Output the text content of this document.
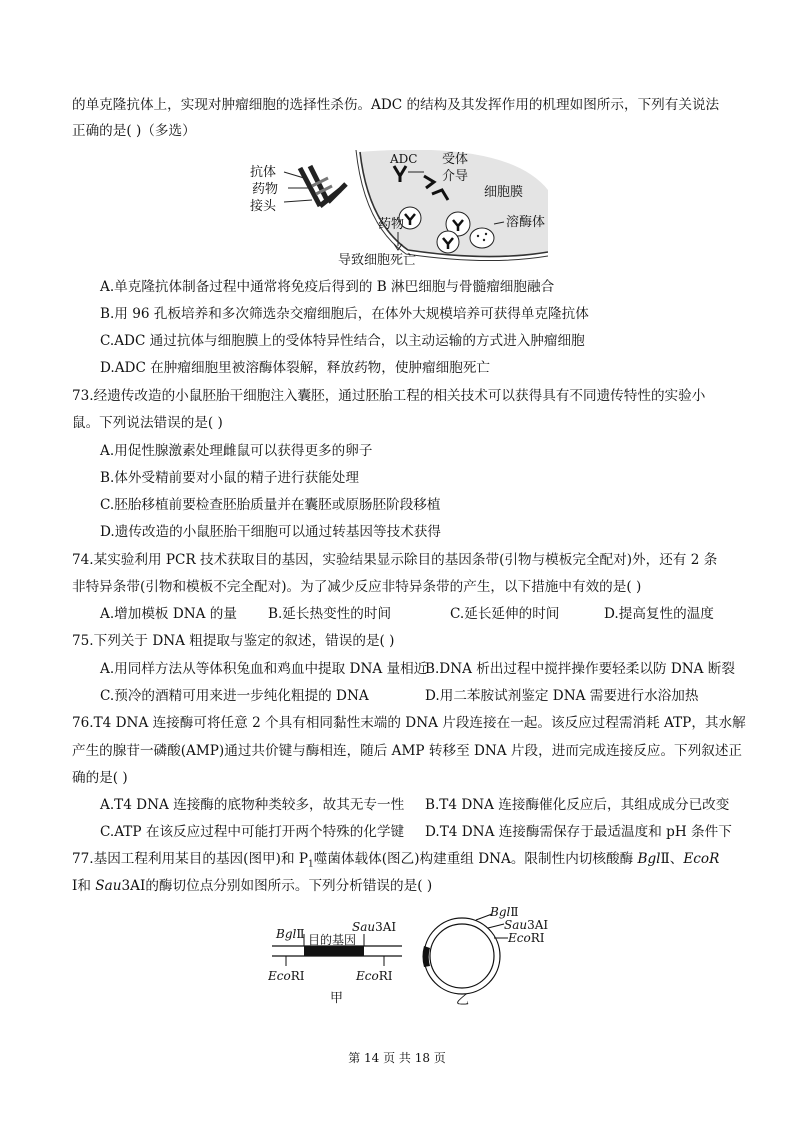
的单克隆抗体上，实现对肿瘤细胞的选择性杀伤。ADC 的结构及其发挥作用的机理如图所示，下列有关说法
正确的是( )（多选）
抗体
药物
接头
ADC 受体
介导
细胞膜
溶酶体
药物
导致细胞死亡
A.单克隆抗体制备过程中通常将免疫后得到的 B 淋巴细胞与骨髓瘤细胞融合
B.用 96 孔板培养和多次筛选杂交瘤细胞后，在体外大规模培养可获得单克隆抗体
C.ADC 通过抗体与细胞膜上的受体特异性结合，以主动运输的方式进入肿瘤细胞
D.ADC 在肿瘤细胞里被溶酶体裂解，释放药物，使肿瘤细胞死亡
73.经遗传改造的小鼠胚胎干细胞注入囊胚，通过胚胎工程的相关技术可以获得具有不同遗传特性的实验小
鼠。下列说法错误的是( )
A.用促性腺激素处理雌鼠可以获得更多的卵子
B.体外受精前要对小鼠的精子进行获能处理
C.胚胎移植前要检查胚胎质量并在囊胚或原肠胚阶段移植
D.遗传改造的小鼠胚胎干细胞可以通过转基因等技术获得
74.某实验利用 PCR 技术获取目的基因，实验结果显示除目的基因条带(引物与模板完全配对)外，还有 2 条
非特异条带(引物和模板不完全配对)。为了减少反应非特异条带的产生，以下措施中有效的是( )
A.增加模板 DNA 的量 B.延长热变性的时间	C.延长延伸的时间	D.提高复性的温度
75.下列关于 DNA 粗提取与鉴定的叙述，错误的是( )
A.用同样方法从等体积兔血和鸡血中提取 DNA 量相近
B.DNA 析出过程中搅拌操作要轻柔以防 DNA 断裂
C.预冷的酒精可用来进一步纯化粗提的 DNA	D.用二苯胺试剂鉴定 DNA 需要进行水浴加热
76.T4 DNA 连接酶可将任意 2 个具有相同黏性末端的 DNA 片段连接在一起。该反应过程需消耗 ATP，其水解
产生的腺苷一磷酸(AMP)通过共价键与酶相连，随后 AMP 转移至 DNA 片段，进而完成连接反应。下列叙述正
确的是( )
A.T4 DNA 连接酶的底物种类较多，故其无专一性 B.T4 DNA 连接酶催化反应后，其组成成分已改变
C.ATP 在该反应过程中可能打开两个特殊的化学键 D.T4 DNA 连接酶需保存于最适温度和 pH 条件下
77.基因工程利用某目的基因(图甲)和 $P_1$噬菌体载体(图乙)构建重组 DNA。限制性内切核酸酶 BglⅡ、EcoR
Ⅰ和 Sau3AⅠ的酶切位点分别如图所示。下列分析错误的是( )
BglⅡ	Sau3AⅠ
目的基因
EcoRⅠ	EcoRⅠ
甲
BglⅡ
Sau3AⅠ
EcoRⅠ
乙
第 14 页 共 18 页
